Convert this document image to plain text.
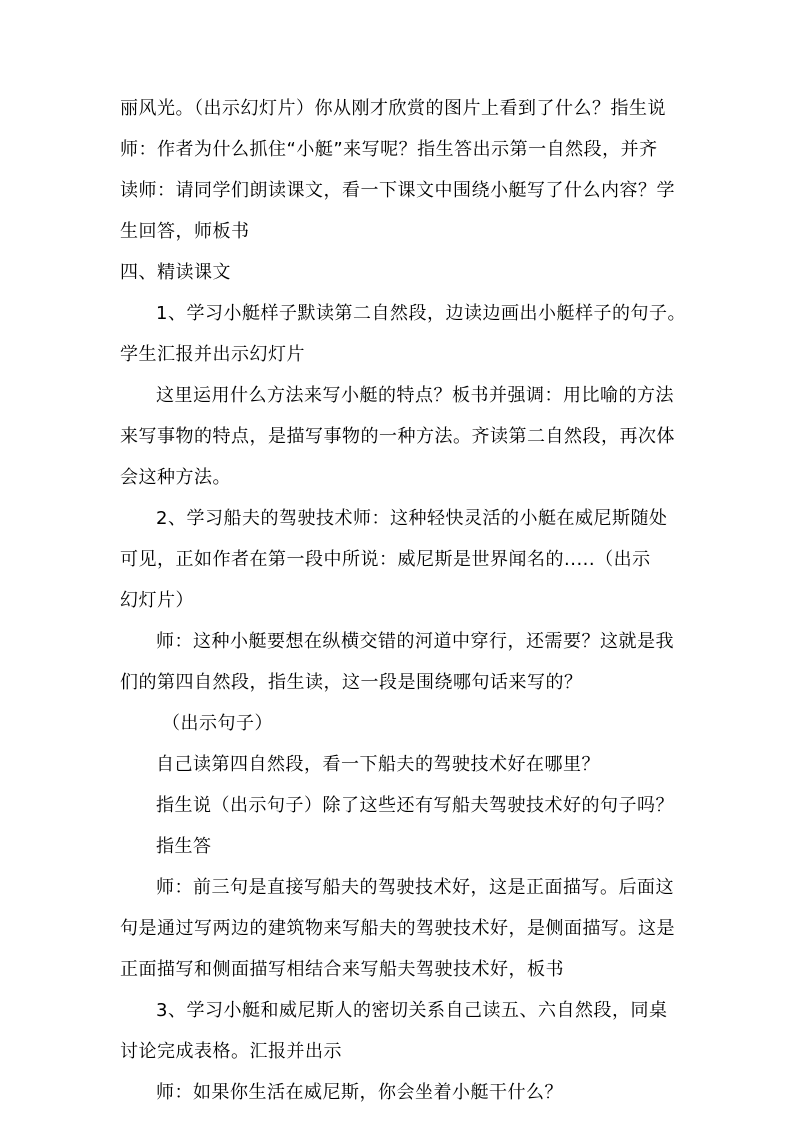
丽风光。（出示幻灯片）你从刚才欣赏的图片上看到了什么？指生说
师：作者为什么抓住“小艇”来写呢？指生答出示第一自然段，并齐
读师：请同学们朗读课文，看一下课文中围绕小艇写了什么内容？学
生回答，师板书
四、精读课文
1、学习小艇样子默读第二自然段，边读边画出小艇样子的句子。
学生汇报并出示幻灯片
这里运用什么方法来写小艇的特点？板书并强调：用比喻的方法
来写事物的特点，是描写事物的一种方法。齐读第二自然段，再次体
会这种方法。
2、学习船夫的驾驶技术师：这种轻快灵活的小艇在威尼斯随处
可见，正如作者在第一段中所说：威尼斯是世界闻名的.....（出示
幻灯片）
师：这种小艇要想在纵横交错的河道中穿行，还需要？这就是我
们的第四自然段，指生读，这一段是围绕哪句话来写的？
（出示句子）
自己读第四自然段，看一下船夫的驾驶技术好在哪里？
指生说（出示句子）除了这些还有写船夫驾驶技术好的句子吗？
指生答
师：前三句是直接写船夫的驾驶技术好，这是正面描写。后面这
句是通过写两边的建筑物来写船夫的驾驶技术好，是侧面描写。这是
正面描写和侧面描写相结合来写船夫驾驶技术好，板书
3、学习小艇和威尼斯人的密切关系自己读五、六自然段，同桌
讨论完成表格。汇报并出示
师：如果你生活在威尼斯，你会坐着小艇干什么？
